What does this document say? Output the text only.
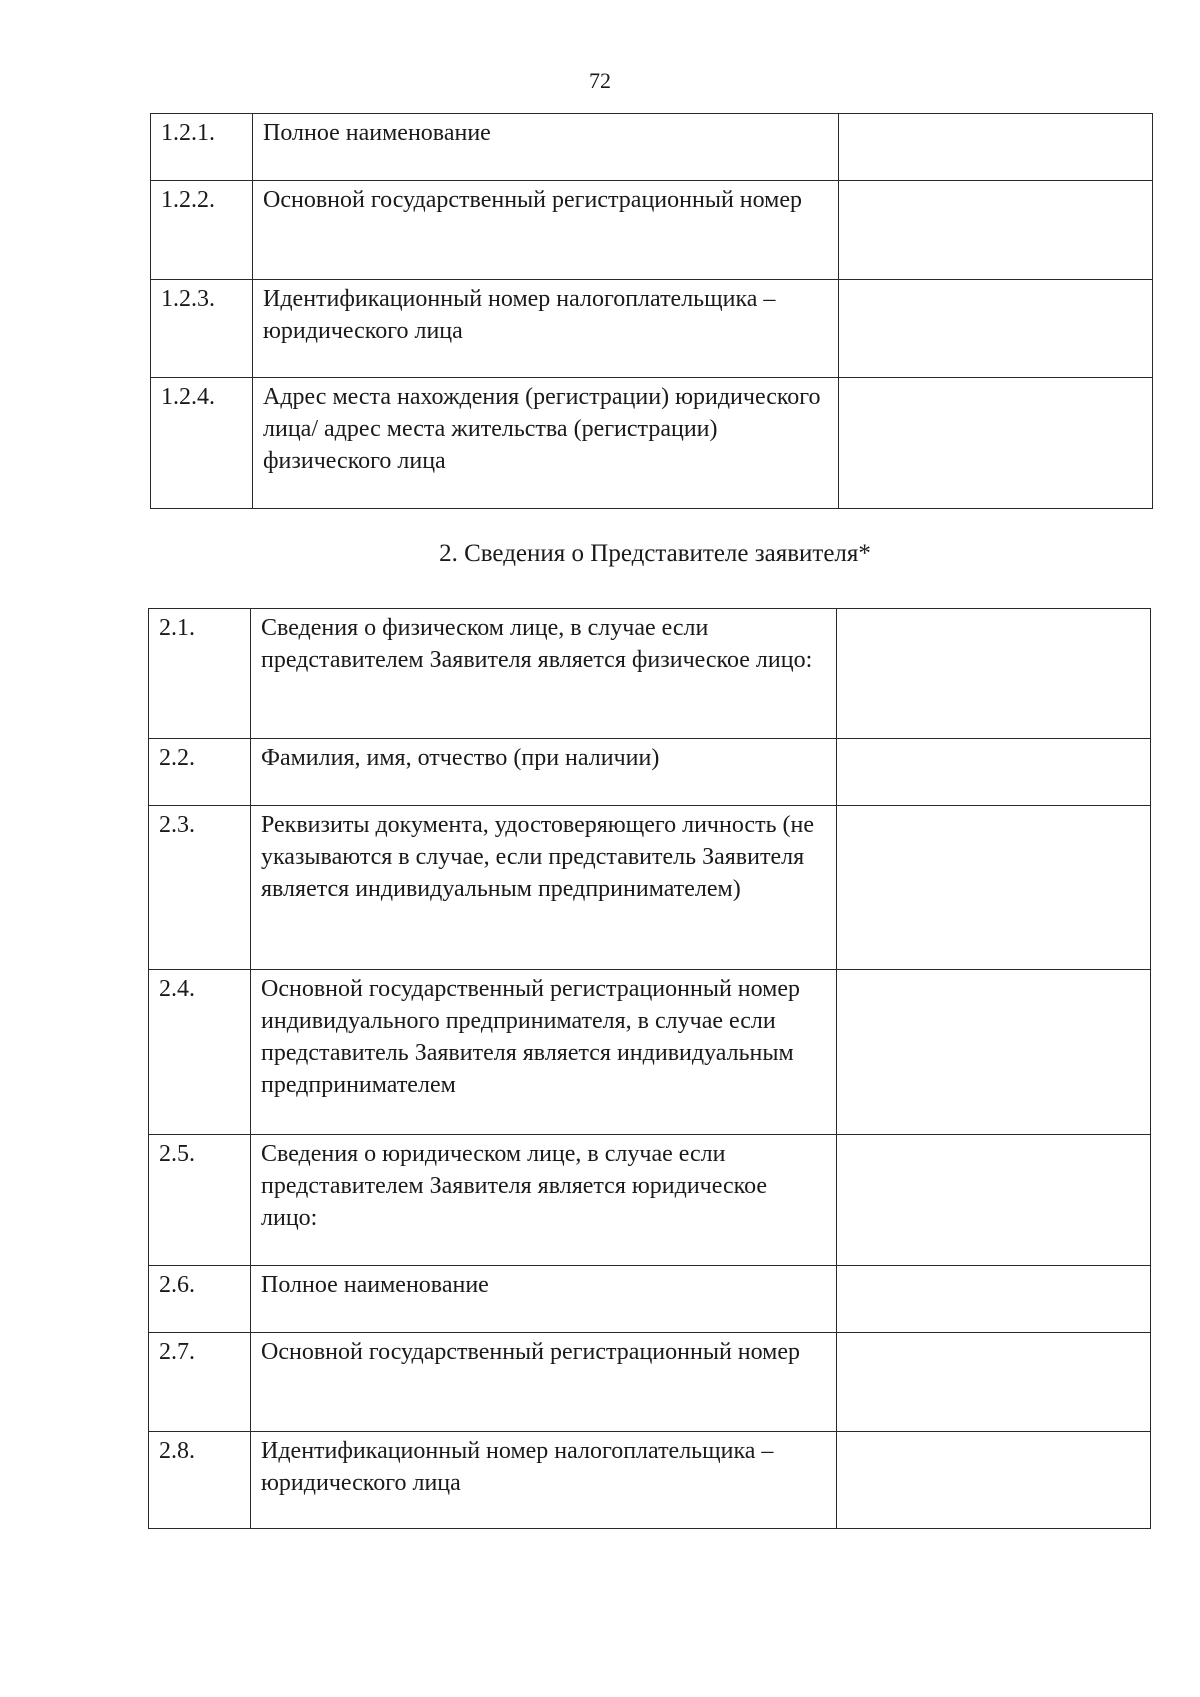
72
1.2.1.	Полное наименование	
1.2.2.	Основной государственный регистрационный номер	
1.2.3.	Идентификационный номер налогоплательщика – юридического лица	
1.2.4.	Адрес места нахождения (регистрации) юридического лица/ адрес места жительства (регистрации) физического лица	
2. Сведения о Представителе заявителя*
2.1.	Сведения о физическом лице, в случае если представителем Заявителя является физическое лицо:	
2.2.	Фамилия, имя, отчество (при наличии)	
2.3.	Реквизиты документа, удостоверяющего личность (не указываются в случае, если представитель Заявителя является индивидуальным предпринимателем)	
2.4.	Основной государственный регистрационный номер индивидуального предпринимателя, в случае если представитель Заявителя является индивидуальным предпринимателем	
2.5.	Сведения о юридическом лице, в случае если представителем Заявителя является юридическое лицо:	
2.6.	Полное наименование	
2.7.	Основной государственный регистрационный номер	
2.8.	Идентификационный номер налогоплательщика – юридического лица	
